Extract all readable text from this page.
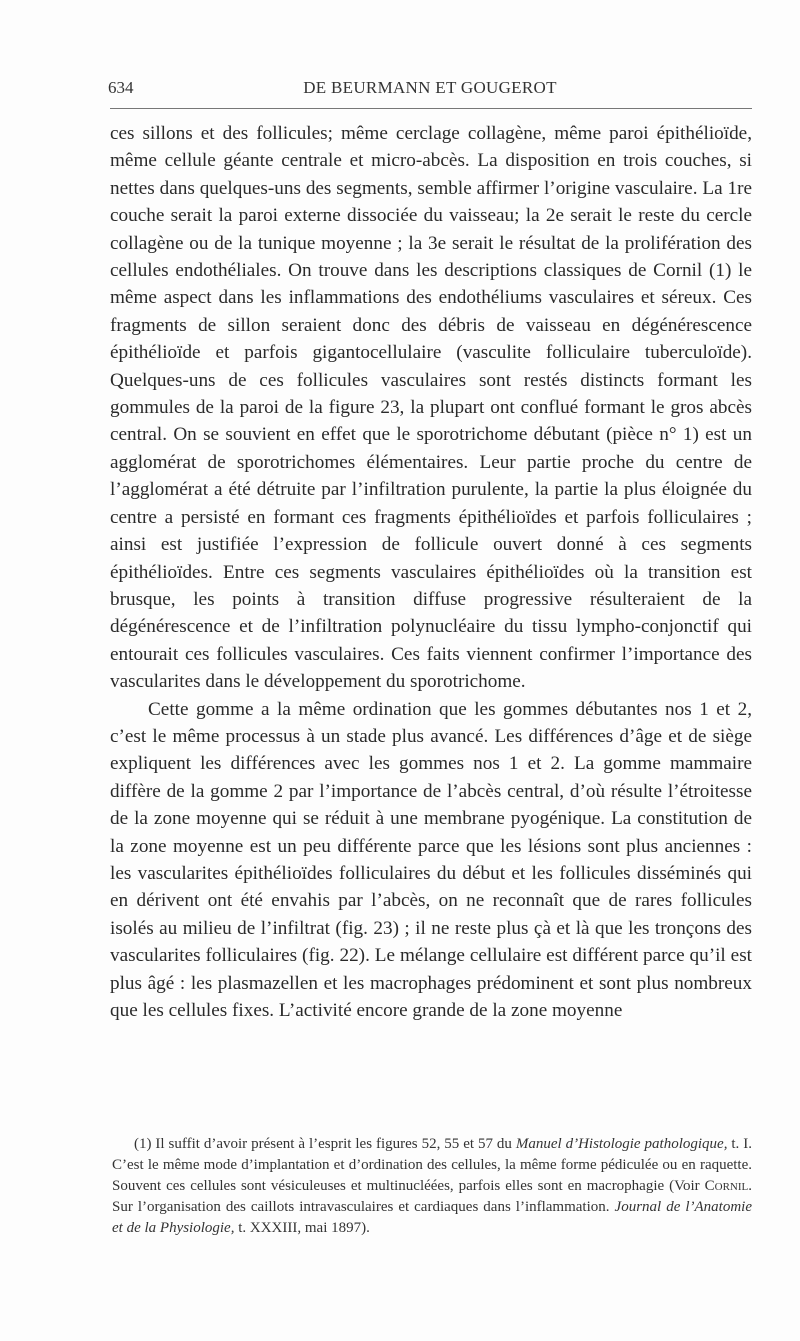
634	DE BEURMANN ET GOUGEROT

ces sillons et des follicules; même cerclage collagène, même paroi épithélioïde, même cellule géante centrale et micro-abcès. La disposition en trois couches, si nettes dans quelques-uns des segments, semble affirmer l’origine vasculaire. La 1re couche serait la paroi externe dissociée du vaisseau; la 2e serait le reste du cercle collagène ou de la tunique moyenne ; la 3e serait le résultat de la prolifération des cellules endothéliales. On trouve dans les descriptions classiques de Cornil (1) le même aspect dans les inflammations des endothéliums vasculaires et séreux. Ces fragments de sillon seraient donc des débris de vaisseau en dégénérescence épithélioïde et parfois gigantocellulaire (vasculite folliculaire tuberculoïde). Quelques-uns de ces follicules vasculaires sont restés distincts formant les gommules de la paroi de la figure 23, la plupart ont conflué formant le gros abcès central. On se souvient en effet que le sporotrichome débutant (pièce n° 1) est un agglomérat de sporotrichomes élémentaires. Leur partie proche du centre de l’agglomérat a été détruite par l’infiltration purulente, la partie la plus éloignée du centre a persisté en formant ces fragments épithélioïdes et parfois folliculaires ; ainsi est justifiée l’expression de follicule ouvert donné à ces segments épithélioïdes. Entre ces segments vasculaires épithélioïdes où la transition est brusque, les points à transition diffuse progressive résulteraient de la dégénérescence et de l’infiltration polynucléaire du tissu lympho-conjonctif qui entourait ces follicules vasculaires. Ces faits viennent confirmer l’importance des vascularites dans le développement du sporotrichome.

Cette gomme a la même ordination que les gommes débutantes nos 1 et 2, c’est le même processus à un stade plus avancé. Les différences d’âge et de siège expliquent les différences avec les gommes nos 1 et 2. La gomme mammaire diffère de la gomme 2 par l’importance de l’abcès central, d’où résulte l’étroitesse de la zone moyenne qui se réduit à une membrane pyogénique. La constitution de la zone moyenne est un peu différente parce que les lésions sont plus anciennes : les vascularites épithélioïdes folliculaires du début et les follicules disséminés qui en dérivent ont été envahis par l’abcès, on ne reconnaît que de rares follicules isolés au milieu de l’infiltrat (fig. 23) ; il ne reste plus çà et là que les tronçons des vascularites folliculaires (fig. 22). Le mélange cellulaire est différent parce qu’il est plus âgé : les plasmazellen et les macrophages prédominent et sont plus nombreux que les cellules fixes. L’activité encore grande de la zone moyenne

(1) Il suffit d’avoir présent à l’esprit les figures 52, 55 et 57 du Manuel d’Histologie pathologique, t. I. C’est le même mode d’implantation et d’ordination des cellules, la même forme pédiculée ou en raquette. Souvent ces cellules sont vésiculeuses et multinucléées, parfois elles sont en macrophagie (Voir Cornil. Sur l’organisation des caillots intravasculaires et cardiaques dans l’inflammation. Journal de l’Anatomie et de la Physiologie, t. XXXIII, mai 1897).
